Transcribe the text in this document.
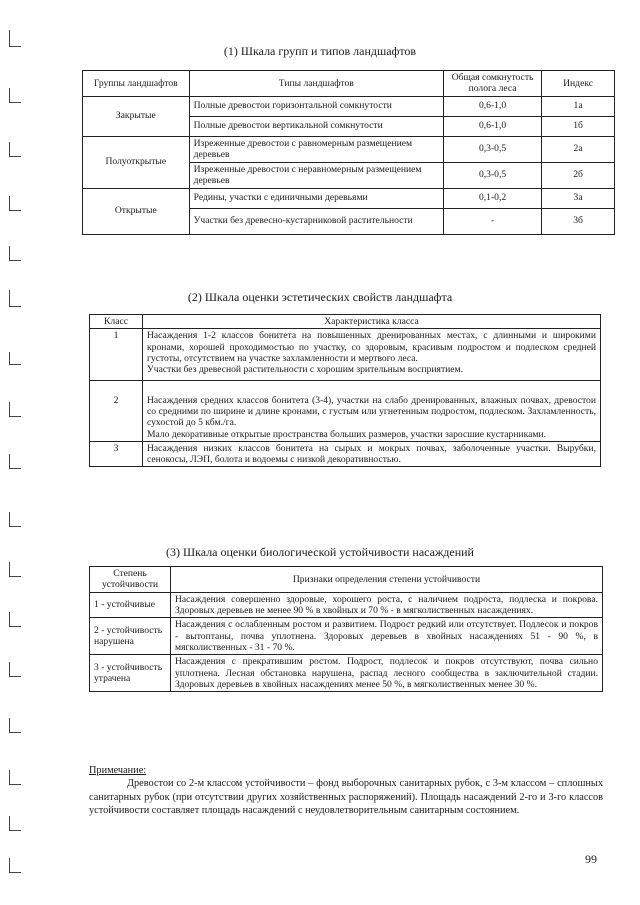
(1) Шкала групп и типов ландшафтов
Группы ландшафтов	Типы ландшафтов	Общая сомкнутость полога леса	Индекс
Закрытые	Полные древостои горизонтальной сомкнутости	0,6-1,0	1а
	Полные древостои вертикальной сомкнутости	0,6-1,0	1б
Полуоткрытые	Изреженные древостои с равномерным размещением деревьев	0,3-0,5	2а
	Изреженные древостои с неравномерным размещением деревьев	0,3-0,5	2б
Открытые	Редины, участки с единичными деревьями	0,1-0,2	3а
	Участки без древесно-кустарниковой растительности	-	3б
(2) Шкала оценки эстетических свойств ландшафта
Класс	Характеристика класса
1	Насаждения 1-2 классов бонитета на повышенных дренированных местах, с длинными и широкими кронами, хорошей проходимостью по участку, со здоровым, красивым подростом и подлеском средней густоты, отсутствием на участке захламленности и мертвого леса.
Участки без древесной растительности с хорошим зрительным восприятием.

2	Насаждения средних классов бонитета (3-4), участки на слабо дренированных, влажных почвах, древостои со средними по ширине и длине кронами, с густым или угнетенным подростом, подлеском. Захламленность, сухостой до 5 кбм./га.
Мало декоративные открытые пространства больших размеров, участки заросшие кустарниками.

3	Насаждения низких классов бонитета на сырых и мокрых почвах, заболоченные участки. Вырубки, сенокосы, ЛЭП, болота и водоемы с низкой декоративностью.
(3) Шкала оценки биологической устойчивости насаждений
Степень устойчивости	Признаки определения степени устойчивости
1 - устойчивые	Насаждения совершенно здоровые, хорошего роста, с наличием подроста, подлеска и покрова. Здоровых деревьев не менее 90 % в хвойных и 70 % - в мягколиственных насаждениях.
2 - устойчивость нарушена	Насаждения с ослабленным ростом и развитием. Подрост редкий или отсутствует. Подлесок и покров - вытоптаны, почва уплотнена. Здоровых деревьев в хвойных насаждениях 51 - 90 %, в мягколиственных - 31 - 70 %.
3 - устойчивость утрачена	Насаждения с прекратившим ростом. Подрост, подлесок и покров отсутствуют, почва сильно уплотнена. Лесная обстановка нарушена, распад лесного сообщества в заключительной стадии. Здоровых деревьев в хвойных насаждениях менее 50 %, в мягколиственных менее 30 %.
Примечание:
Древостои со 2-м классом устойчивости – фонд выборочных санитарных рубок, с 3-м классом – сплошных санитарных рубок (при отсутствии других хозяйственных распоряжений). Площадь насаждений 2-го и 3-го классов устойчивости составляет площадь насаждений с неудовлетворительным санитарным состоянием.
99
